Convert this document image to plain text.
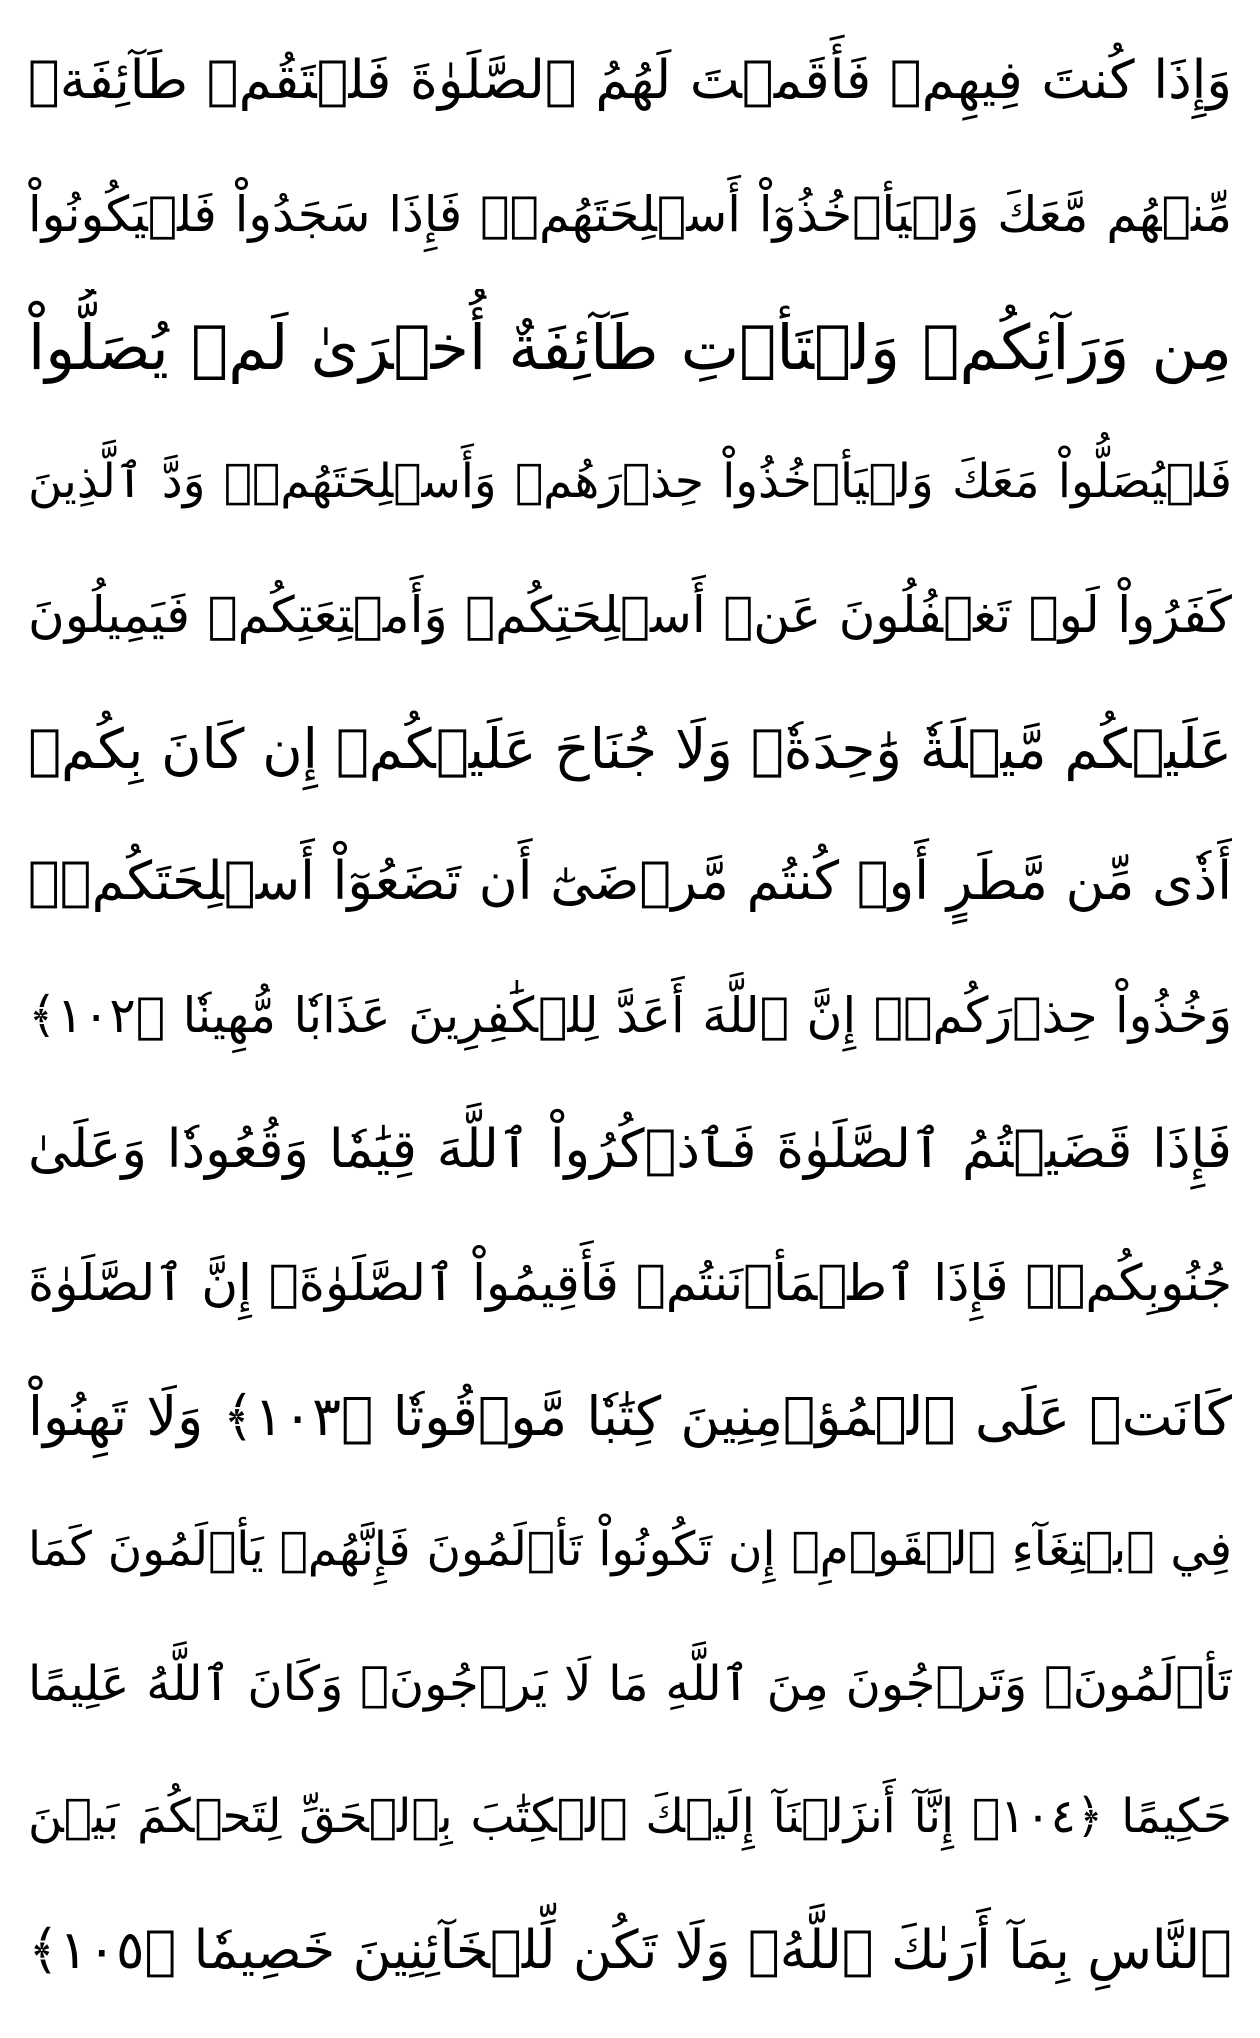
وَإِذَا كُنتَ فِيهِمۡ فَأَقَمۡتَ لَهُمُ ٱلصَّلَوٰةَ فَلۡتَقُمۡ طَآئِفَةٞ
مِّنۡهُم مَّعَكَ وَلۡيَأۡخُذُوٓاْ أَسۡلِحَتَهُمۡۖ فَإِذَا سَجَدُواْ فَلۡيَكُونُواْ
مِن وَرَآئِكُمۡ وَلۡتَأۡتِ طَآئِفَةٌ أُخۡرَىٰ لَمۡ يُصَلُّواْ
فَلۡيُصَلُّواْ مَعَكَ وَلۡيَأۡخُذُواْ حِذۡرَهُمۡ وَأَسۡلِحَتَهُمۡۗ وَدَّ ٱلَّذِينَ
كَفَرُواْ لَوۡ تَغۡفُلُونَ عَنۡ أَسۡلِحَتِكُمۡ وَأَمۡتِعَتِكُمۡ فَيَمِيلُونَ
عَلَيۡكُم مَّيۡلَةٗ وَٰحِدَةٗۚ وَلَا جُنَاحَ عَلَيۡكُمۡ إِن كَانَ بِكُمۡ
أَذٗى مِّن مَّطَرٍ أَوۡ كُنتُم مَّرۡضَىٰٓ أَن تَضَعُوٓاْ أَسۡلِحَتَكُمۡۖ
وَخُذُواْ حِذۡرَكُمۡۗ إِنَّ ٱللَّهَ أَعَدَّ لِلۡكَٰفِرِينَ عَذَابٗا مُّهِينٗا ﴿١٠٢﴾
فَإِذَا قَضَيۡتُمُ ٱلصَّلَوٰةَ فَٱذۡكُرُواْ ٱللَّهَ قِيَٰمٗا وَقُعُودٗا وَعَلَىٰ
جُنُوبِكُمۡۚ فَإِذَا ٱطۡمَأۡنَنتُمۡ فَأَقِيمُواْ ٱلصَّلَوٰةَۚ إِنَّ ٱلصَّلَوٰةَ
كَانَتۡ عَلَى ٱلۡمُؤۡمِنِينَ كِتَٰبٗا مَّوۡقُوتٗا ﴿١٠٣﴾ وَلَا تَهِنُواْ
فِي ٱبۡتِغَآءِ ٱلۡقَوۡمِۖ إِن تَكُونُواْ تَأۡلَمُونَ فَإِنَّهُمۡ يَأۡلَمُونَ كَمَا
تَأۡلَمُونَۖ وَتَرۡجُونَ مِنَ ٱللَّهِ مَا لَا يَرۡجُونَۗ وَكَانَ ٱللَّهُ عَلِيمًا
حَكِيمًا ﴿١٠٤﴾ إِنَّآ أَنزَلۡنَآ إِلَيۡكَ ٱلۡكِتَٰبَ بِٱلۡحَقِّ لِتَحۡكُمَ بَيۡنَ
ٱلنَّاسِ بِمَآ أَرَىٰكَ ٱللَّهُۚ وَلَا تَكُن لِّلۡخَآئِنِينَ خَصِيمٗا ﴿١٠٥﴾
